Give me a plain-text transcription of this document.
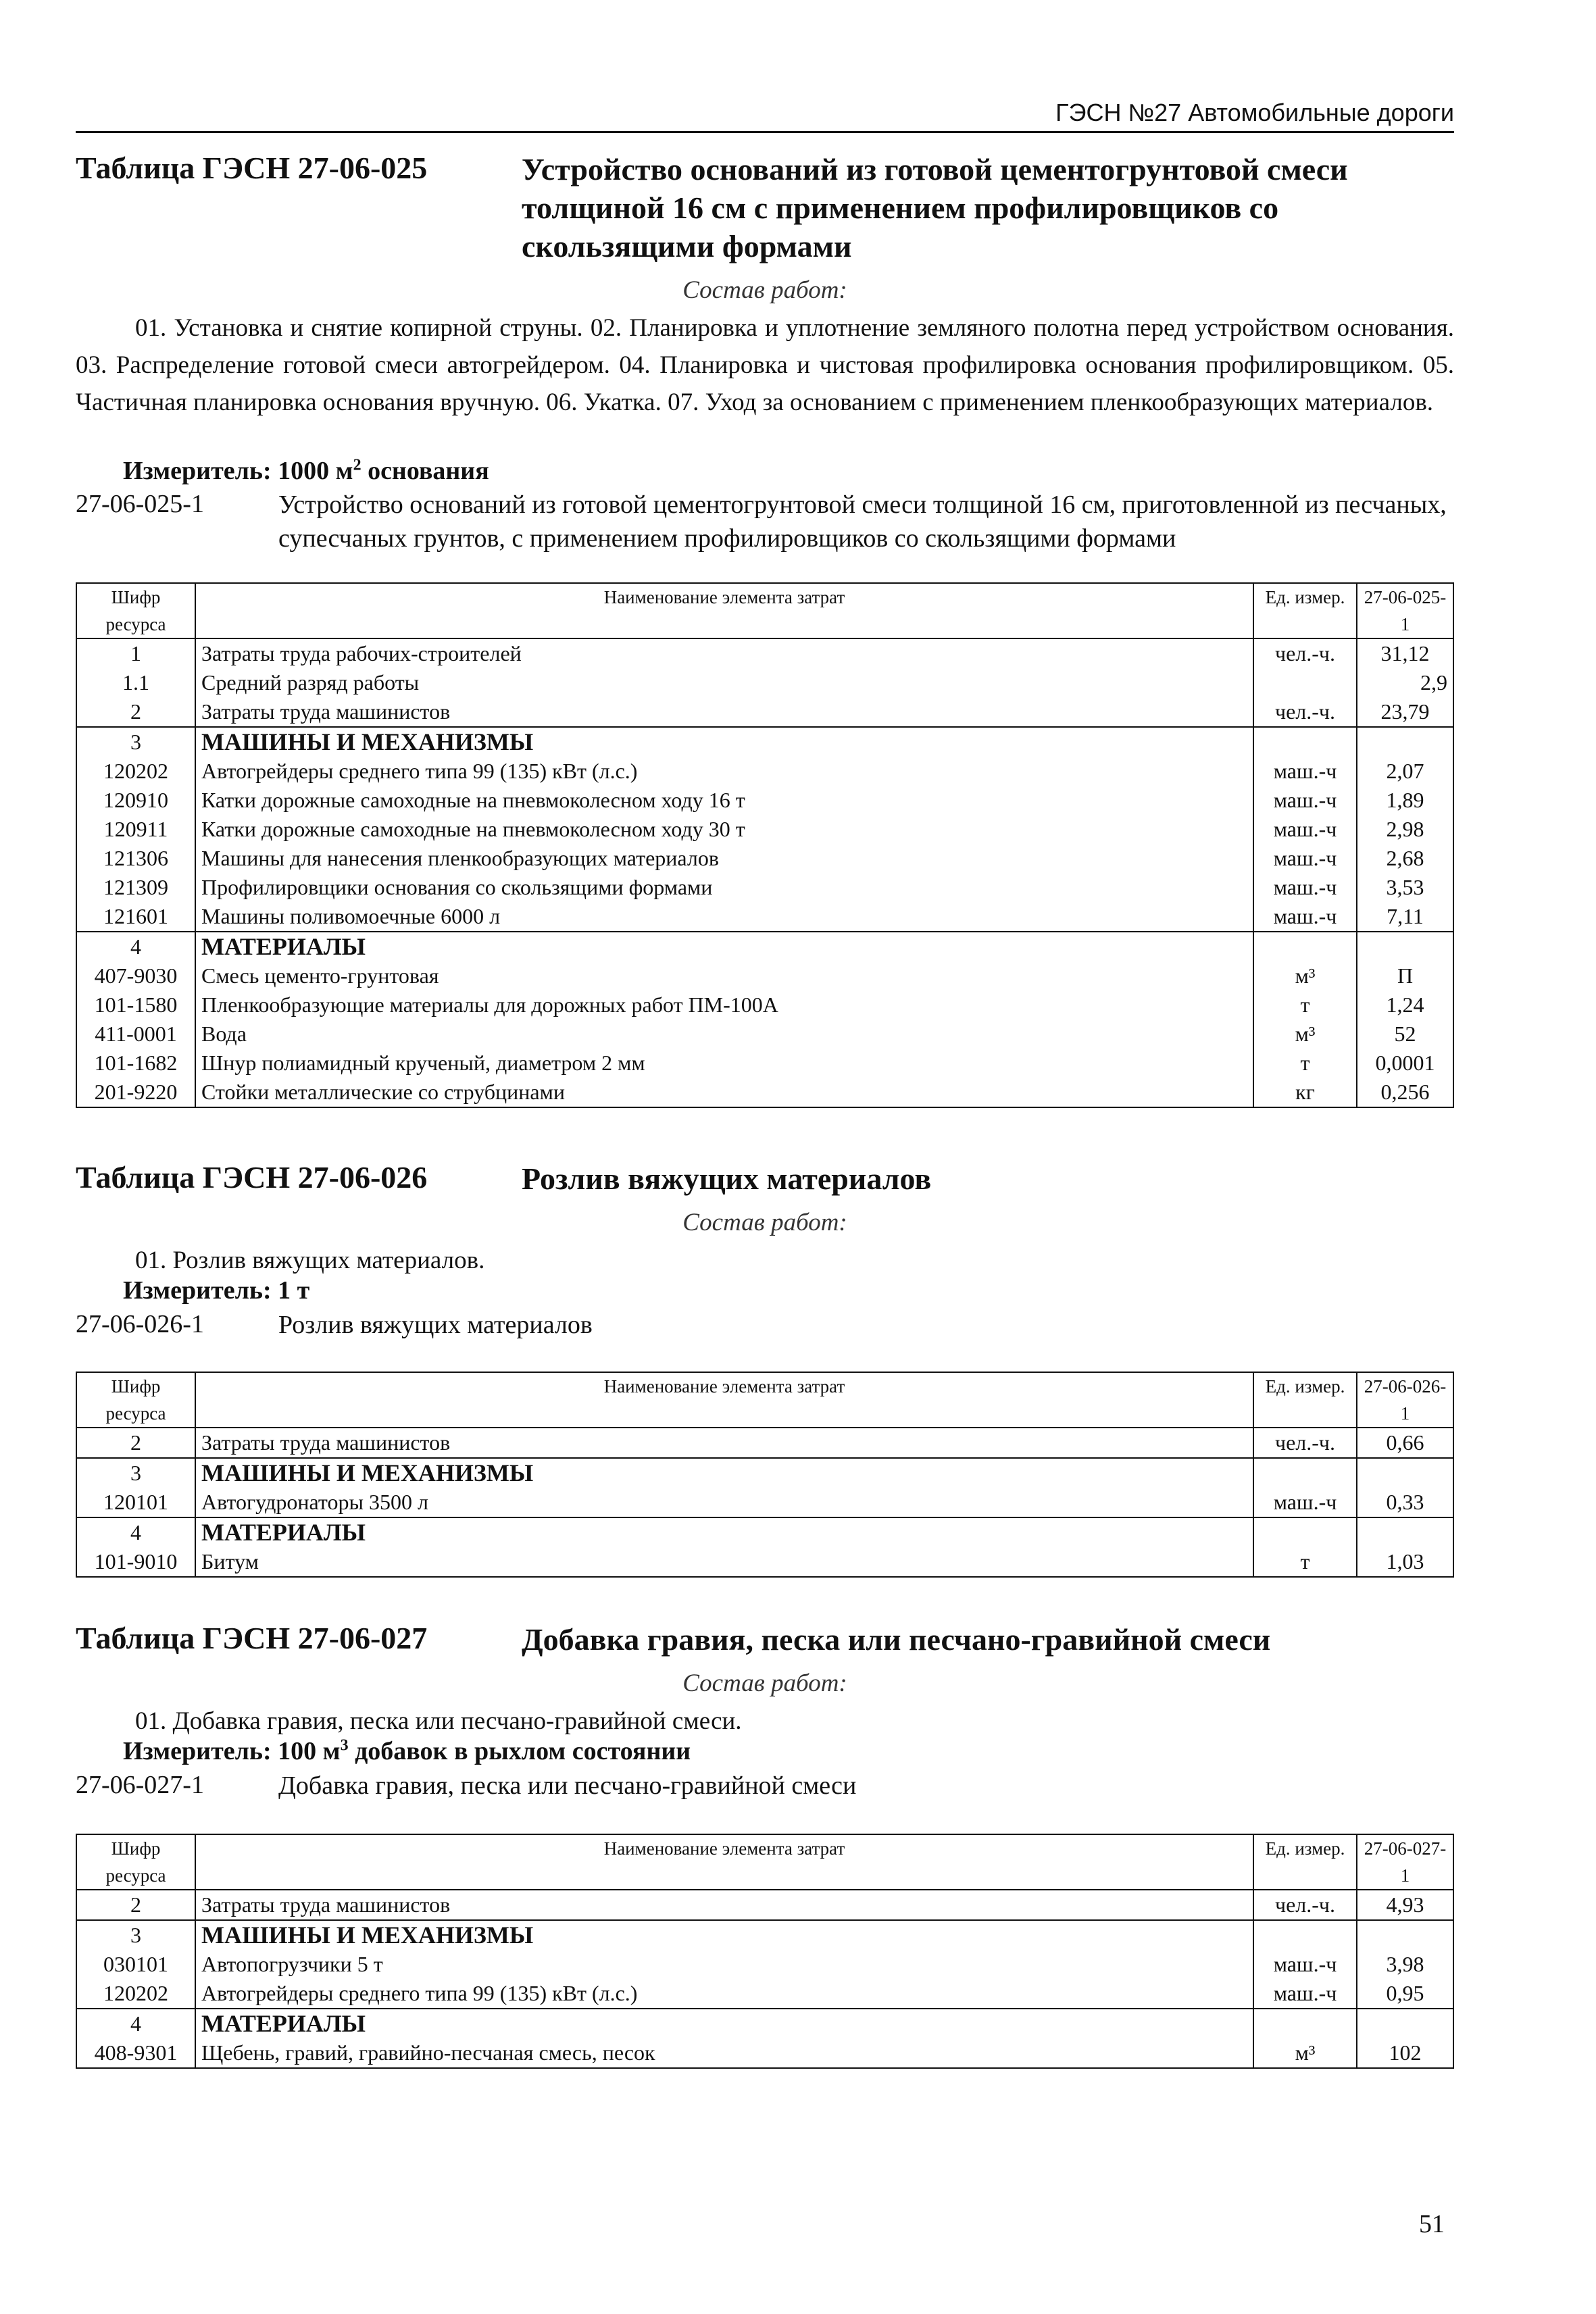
ГЭСН №27 Автомобильные дороги
Таблица ГЭСН 27-06-025	Устройство оснований из готовой цементогрунтовой смеси толщиной 16 см с применением профилировщиков со скользящими формами
Состав работ:
01. Установка и снятие копирной струны. 02. Планировка и уплотнение земляного полотна перед устройством основания. 03. Распределение готовой смеси автогрейдером. 04. Планировка и чистовая профилировка основания профилировщиком. 05. Частичная планировка основания вручную. 06. Укатка. 07. Уход за основанием с применением пленкообразующих материалов.
Измеритель: 1000 $м^2$ основания
27-06-025-1	Устройство оснований из готовой цементогрунтовой смеси толщиной 16 см, приготовленной из песчаных, супесчаных грунтов, с применением профилировщиков со скользящими формами
Шифр ресурса	Наименование элемента затрат	Ед. измер.	27-06-025-1
1	Затраты труда рабочих-строителей	чел.-ч.	31,12
1.1	Средний разряд работы		2,9
2	Затраты труда машинистов	чел.-ч.	23,79
3	МАШИНЫ И МЕХАНИЗМЫ		
120202	Автогрейдеры среднего типа 99 (135) кВт (л.с.)	маш.-ч	2,07
120910	Катки дорожные самоходные на пневмоколесном ходу 16 т	маш.-ч	1,89
120911	Катки дорожные самоходные на пневмоколесном ходу 30 т	маш.-ч	2,98
121306	Машины для нанесения пленкообразующих материалов	маш.-ч	2,68
121309	Профилировщики основания со скользящими формами	маш.-ч	3,53
121601	Машины поливомоечные 6000 л	маш.-ч	7,11
4	МАТЕРИАЛЫ		
407-9030	Смесь цементо-грунтовая	м³	П
101-1580	Пленкообразующие материалы для дорожных работ ПМ-100А	т	1,24
411-0001	Вода	м³	52
101-1682	Шнур полиамидный крученый, диаметром 2 мм	т	0,0001
201-9220	Стойки металлические со струбцинами	кг	0,256
Таблица ГЭСН 27-06-026	Розлив вяжущих материалов
Состав работ:
01. Розлив вяжущих материалов.
Измеритель: 1 т
27-06-026-1	Розлив вяжущих материалов
Шифр ресурса	Наименование элемента затрат	Ед. измер.	27-06-026-1
2	Затраты труда машинистов	чел.-ч.	0,66
3	МАШИНЫ И МЕХАНИЗМЫ		
120101	Автогудронаторы 3500 л	маш.-ч	0,33
4	МАТЕРИАЛЫ		
101-9010	Битум	т	1,03
Таблица ГЭСН 27-06-027	Добавка гравия, песка или песчано-гравийной смеси
Состав работ:
01. Добавка гравия, песка или песчано-гравийной смеси.
Измеритель: 100 $м^3$ добавок в рыхлом состоянии
27-06-027-1	Добавка гравия, песка или песчано-гравийной смеси
Шифр ресурса	Наименование элемента затрат	Ед. измер.	27-06-027-1
2	Затраты труда машинистов	чел.-ч.	4,93
3	МАШИНЫ И МЕХАНИЗМЫ		
030101	Автопогрузчики 5 т	маш.-ч	3,98
120202	Автогрейдеры среднего типа 99 (135) кВт (л.с.)	маш.-ч	0,95
4	МАТЕРИАЛЫ		
408-9301	Щебень, гравий, гравийно-песчаная смесь, песок	м³	102
51
